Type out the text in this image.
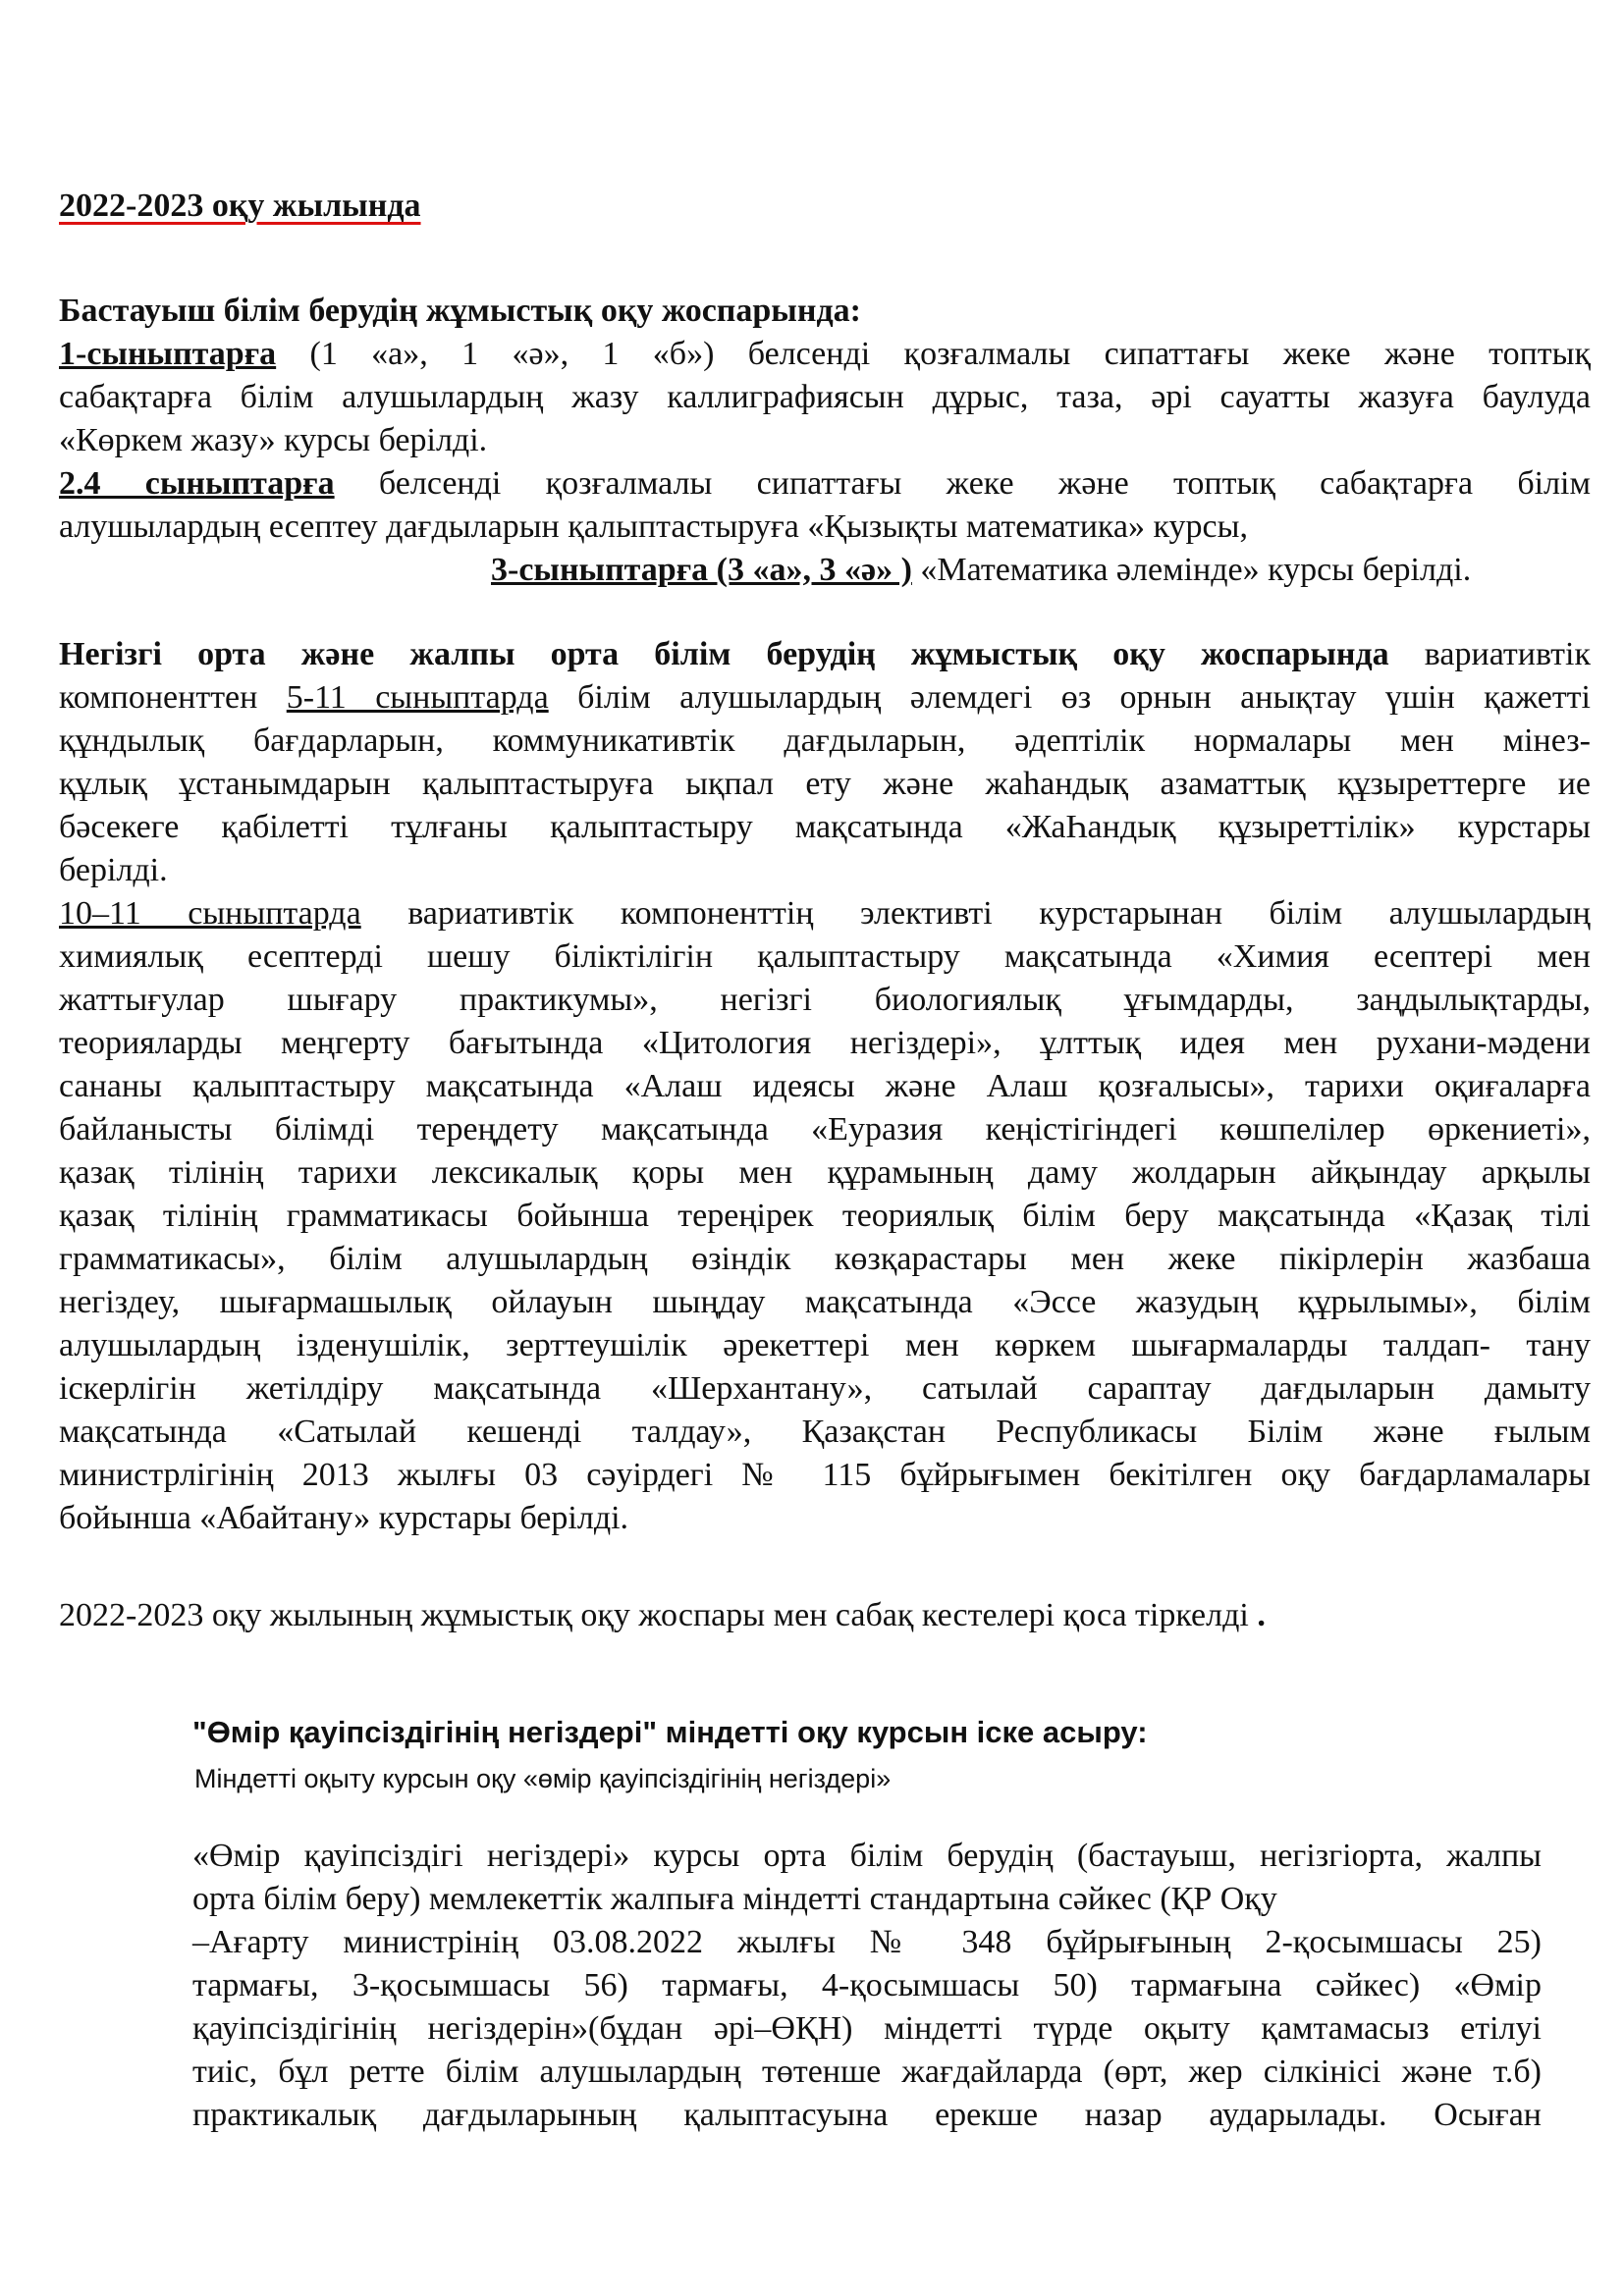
2022-2023 оқу жылында
Бастауыш білім берудің жұмыстық оқу жоспарында:
1-сыныптарға (1 «а», 1 «ә», 1 «б») белсенді қозғалмалы сипаттағы жеке және топтық
сабақтарға білім алушылардың жазу каллиграфиясын дұрыс, таза, әрі сауатты жазуға баулуда
«Көркем жазу» курсы берілді.
2.4 сыныптарға белсенді қозғалмалы сипаттағы жеке және топтық сабақтарға білім
алушылардың есептеу дағдыларын қалыптастыруға «Қызықты математика» курсы,
3-сыныптарға (3 «а», 3 «ә» ) «Математика әлемінде» курсы берілді.
Негізгі орта және жалпы орта білім берудің жұмыстық оқу жоспарында вариативтік
компоненттен 5-11 сыныптарда білім алушылардың әлемдегі өз орнын анықтау үшін қажетті
құндылық бағдарларын, коммуникативтік дағдыларын, әдептілік нормалары мен мінез-
құлық ұстанымдарын қалыптастыруға ықпал ету және жаһандық азаматтық құзыреттерге ие
бәсекеге қабілетті тұлғаны қалыптастыру мақсатында «ЖаҺандық құзыреттілік» курстары
берілді.
10–11 сыныптарда вариативтік компоненттің элективті курстарынан білім алушылардың
химиялық есептерді шешу біліктілігін қалыптастыру мақсатында «Химия есептері мен
жаттығулар шығару практикумы», негізгі биологиялық ұғымдарды, заңдылықтарды,
теорияларды меңгерту бағытында «Цитология негіздері», ұлттық идея мен рухани-мәдени
сананы қалыптастыру мақсатында «Алаш идеясы және Алаш қозғалысы», тарихи оқиғаларға
байланысты білімді тереңдету мақсатында «Еуразия кеңістігіндегі көшпелілер өркениеті»,
қазақ тілінің тарихи лексикалық қоры мен құрамының даму жолдарын айқындау арқылы
қазақ тілінің грамматикасы бойынша тереңірек теориялық білім беру мақсатында «Қазақ тілі
грамматикасы», білім алушылардың өзіндік көзқарастары мен жеке пікірлерін жазбаша
негіздеу, шығармашылық ойлауын шыңдау мақсатында «Эссе жазудың құрылымы», білім
алушылардың ізденушілік, зерттеушілік әрекеттері мен көркем шығармаларды талдап- тану
іскерлігін жетілдіру мақсатында «Шерхантану», сатылай сараптау дағдыларын дамыту
мақсатында «Сатылай кешенді талдау», Қазақстан Республикасы Білім және ғылым
министрлігінің 2013 жылғы 03 сәуірдегі № 115 бұйрығымен бекітілген оқу бағдарламалары
бойынша «Абайтану» курстары берілді.
2022-2023 оқу жылының жұмыстық оқу жоспары мен сабақ кестелері қоса тіркелді .
"Өмір қауіпсіздігінің негіздері" міндетті оқу курсын іске асыру:
Міндетті оқыту курсын оқу «өмір қауіпсіздігінің негіздері»
«Өмір қауіпсіздігі негіздері» курсы орта білім берудің (бастауыш, негізгіорта, жалпы
орта білім беру) мемлекеттік жалпыға міндетті стандартына сәйкес (ҚР Оқу
–Ағарту министрінің 03.08.2022 жылғы № 348 бұйрығының 2-қосымшасы 25)
тармағы, 3-қосымшасы 56) тармағы, 4-қосымшасы 50) тармағына сәйкес) «Өмір
қауіпсіздігінің негіздерін»(бұдан әрі–ӨҚН) міндетті түрде оқыту қамтамасыз етілуі
тиіс, бұл ретте білім алушылардың төтенше жағдайларда (өрт, жер сілкінісі және т.б)
практикалық дағдыларының қалыптасуына ерекше назар аударылады. Осыған
